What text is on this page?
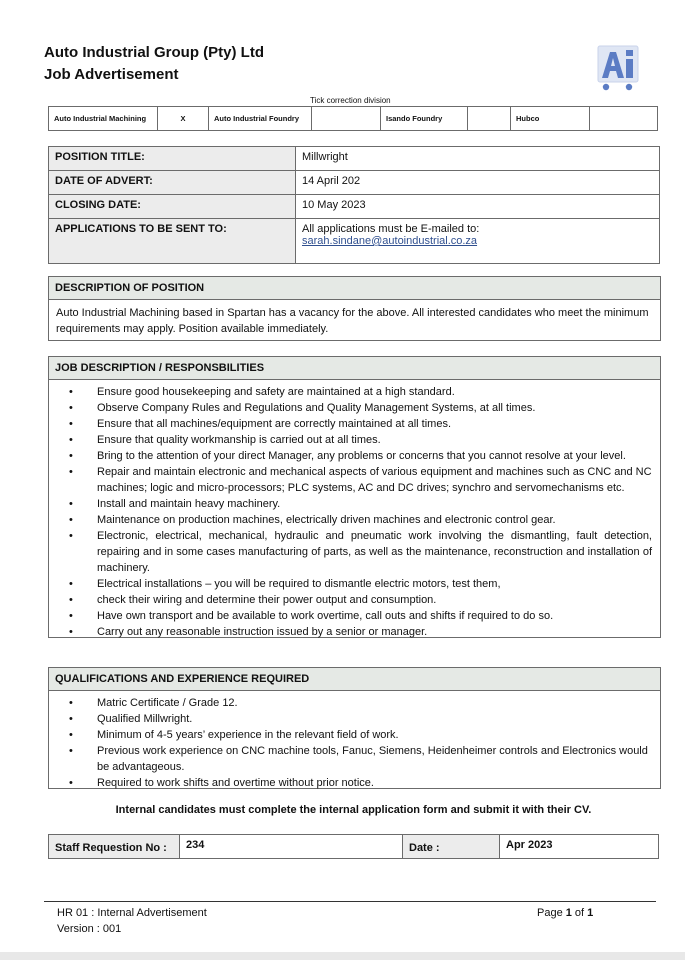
Auto Industrial Group (Pty) Ltd
Job Advertisement
Tick correction division
Auto Industrial Machining	X	Auto Industrial Foundry		Isando Foundry		Hubco	
POSITION TITLE:	Millwright
DATE OF ADVERT:	14 April 202
CLOSING DATE:	10 May 2023
APPLICATIONS TO BE SENT TO:	All applications must be E-mailed to:
sarah.sindane@autoindustrial.co.za
DESCRIPTION OF POSITION
Auto Industrial Machining based in Spartan has a vacancy for the above. All interested candidates who meet the minimum requirements may apply. Position available immediately.
JOB DESCRIPTION / RESPONSBILITIES
• Ensure good housekeeping and safety are maintained at a high standard.
• Observe Company Rules and Regulations and Quality Management Systems, at all times.
• Ensure that all machines/equipment are correctly maintained at all times.
• Ensure that quality workmanship is carried out at all times.
• Bring to the attention of your direct Manager, any problems or concerns that you cannot resolve at your level.
• Repair and maintain electronic and mechanical aspects of various equipment and machines such as CNC and NC machines; logic and micro-processors; PLC systems, AC and DC drives; synchro and servomechanisms etc.
• Install and maintain heavy machinery.
• Maintenance on production machines, electrically driven machines and electronic control gear.
• Electronic, electrical, mechanical, hydraulic and pneumatic work involving the dismantling, fault detection, repairing and in some cases manufacturing of parts, as well as the maintenance, reconstruction and installation of machinery.
• Electrical installations – you will be required to dismantle electric motors, test them,
• check their wiring and determine their power output and consumption.
• Have own transport and be available to work overtime, call outs and shifts if required to do so.
• Carry out any reasonable instruction issued by a senior or manager.
QUALIFICATIONS AND EXPERIENCE REQUIRED
• Matric Certificate / Grade 12.
• Qualified Millwright.
• Minimum of 4-5 years’ experience in the relevant field of work.
• Previous work experience on CNC machine tools, Fanuc, Siemens, Heidenheimer controls and Electronics would be advantageous.
• Required to work shifts and overtime without prior notice.
Internal candidates must complete the internal application form and submit it with their CV.
Staff Requestion No :	234	Date :	Apr 2023
HR 01 : Internal Advertisement
Version : 001
Page 1 of 1
